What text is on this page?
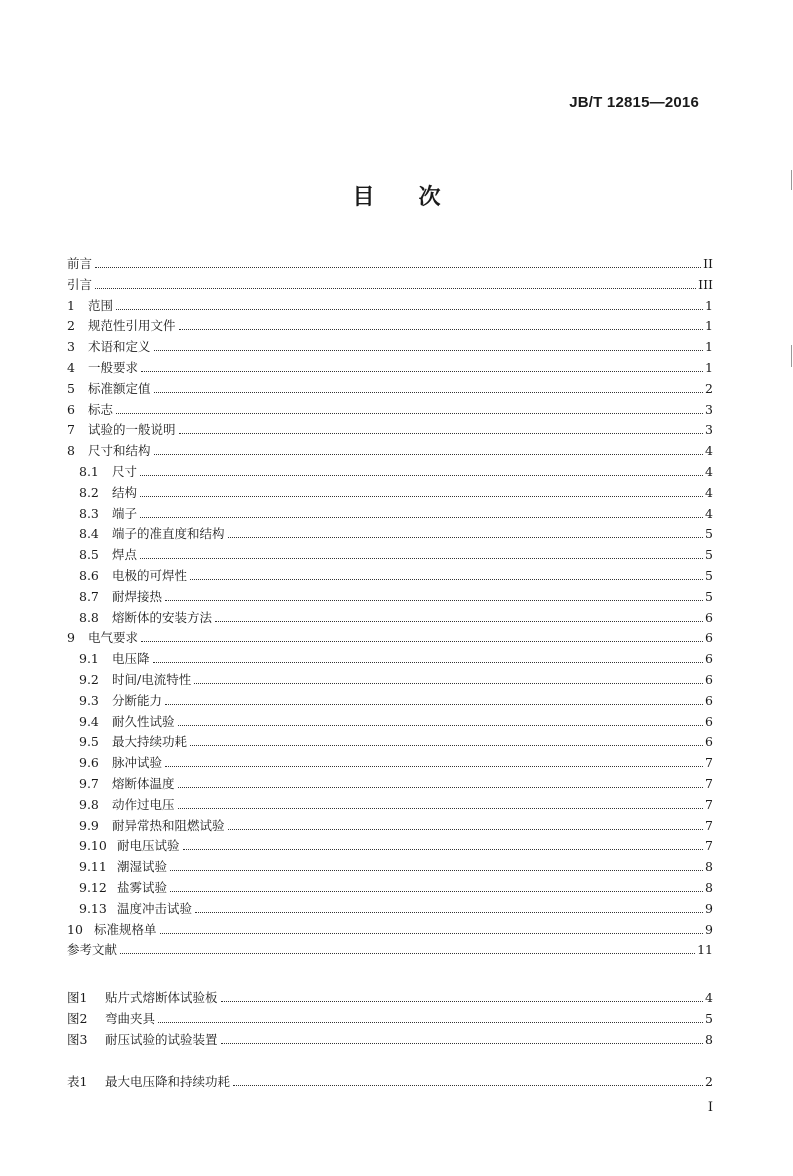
JB/T 12815—2016
目 次
前言	II
引言	III
1	范围	1
2	规范性引用文件	1
3	术语和定义	1
4	一般要求	1
5	标准额定值	2
6	标志	3
7	试验的一般说明	3
8	尺寸和结构	4
8.1	尺寸	4
8.2	结构	4
8.3	端子	4
8.4	端子的准直度和结构	5
8.5	焊点	5
8.6	电极的可焊性	5
8.7	耐焊接热	5
8.8	熔断体的安装方法	6
9	电气要求	6
9.1	电压降	6
9.2	时间/电流特性	6
9.3	分断能力	6
9.4	耐久性试验	6
9.5	最大持续功耗	6
9.6	脉冲试验	7
9.7	熔断体温度	7
9.8	动作过电压	7
9.9	耐异常热和阻燃试验	7
9.10 耐电压试验	7
9.11 潮湿试验	8
9.12 盐雾试验	8
9.13 温度冲击试验	9
10 标准规格单	9
参考文献	11
图1	贴片式熔断体试验板	4
图2	弯曲夹具	5
图3	耐压试验的试验装置	8
表1	最大电压降和持续功耗	2
I
